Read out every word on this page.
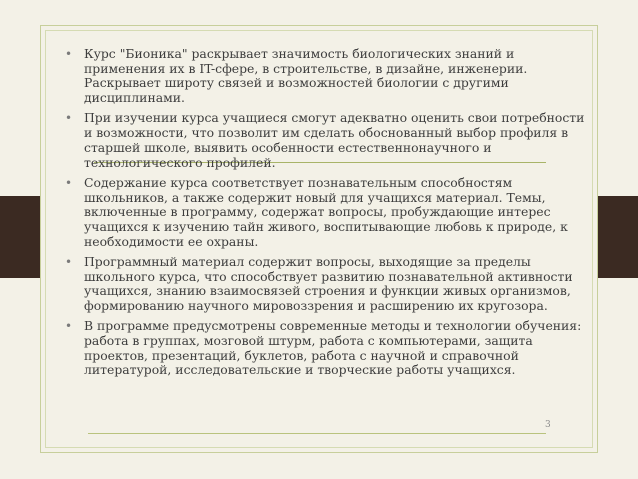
• Курс "Бионика" раскрывает значимость биологических знаний и применения их в IT-сфере, в строительстве, в дизайне, инженерии. Раскрывает широту связей и возможностей биологии с другими дисциплинами.
• При изучении курса учащиеся смогут адекватно оценить свои потребности и возможности, что позволит им сделать обоснованный выбор профиля в старшей школе, выявить особенности естественнонаучного и технологического профилей.
• Содержание курса соответствует познавательным способностям школьников, а также содержит новый для учащихся материал. Темы, включенные в программу, содержат вопросы, пробуждающие интерес учащихся к изучению тайн живого, воспитывающие любовь к природе, к необходимости ее охраны.
• Программный материал содержит вопросы, выходящие за пределы школьного курса, что способствует развитию познавательной активности учащихся, знанию взаимосвязей строения и функции живых организмов, формированию научного мировоззрения и расширению их кругозора.
• В программе предусмотрены современные методы и технологии обучения: работа в группах, мозговой штурм, работа с компьютерами, защита проектов, презентаций, буклетов, работа с научной и справочной литературой, исследовательские и творческие работы учащихся.
3
